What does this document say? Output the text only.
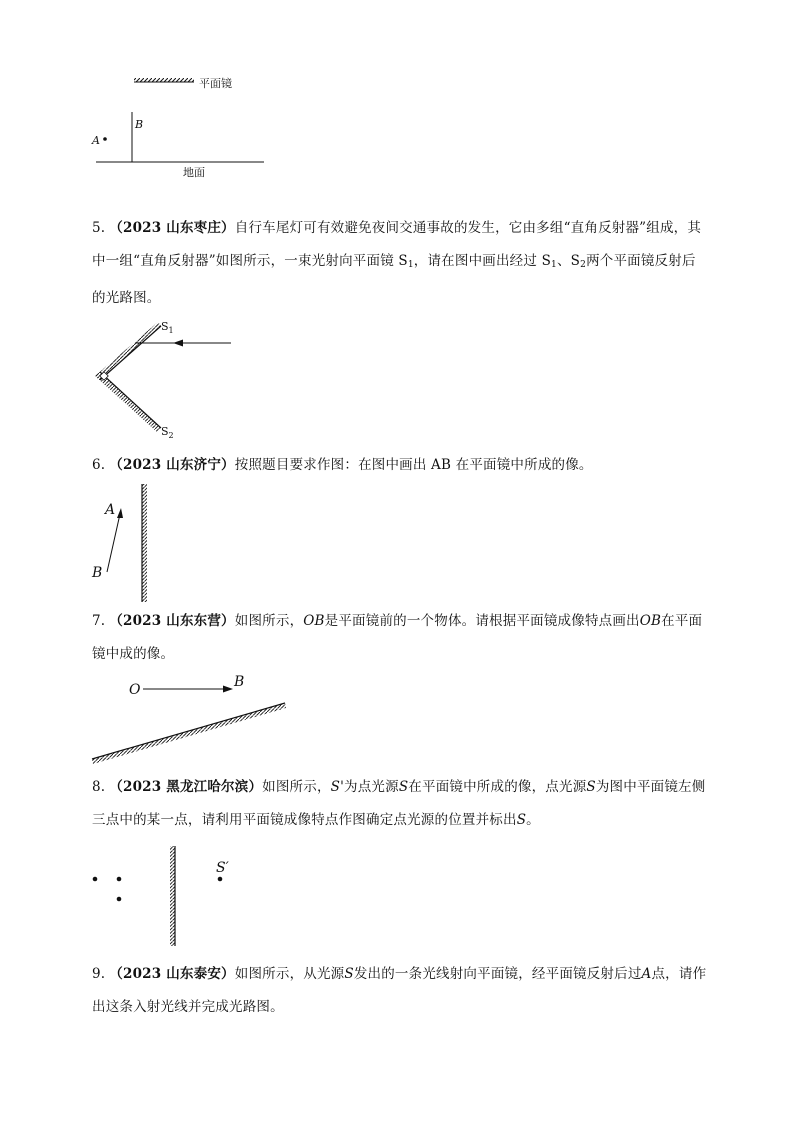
平面镜
B
A
地面
5. （2023 山东枣庄）自行车尾灯可有效避免夜间交通事故的发生，它由多组“直角反射器”组成，其中一组“直角反射器”如图所示，一束光射向平面镜 $S_1$，请在图中画出经过 $S_1$、$S_2$两个平面镜反射后的光路图。
$S_1$
$S_2$
6. （2023 山东济宁）按照题目要求作图：在图中画出 AB 在平面镜中所成的像。
A
B
7. （2023 山东东营）如图所示，OB是平面镜前的一个物体。请根据平面镜成像特点画出OB在平面镜中成的像。
O	B
8. （2023 黑龙江哈尔滨）如图所示，S'为点光源S在平面镜中所成的像，点光源S为图中平面镜左侧三点中的某一点，请利用平面镜成像特点作图确定点光源的位置并标出S。
S′
9. （2023 山东泰安）如图所示，从光源S发出的一条光线射向平面镜，经平面镜反射后过A点，请作出这条入射光线并完成光路图。
